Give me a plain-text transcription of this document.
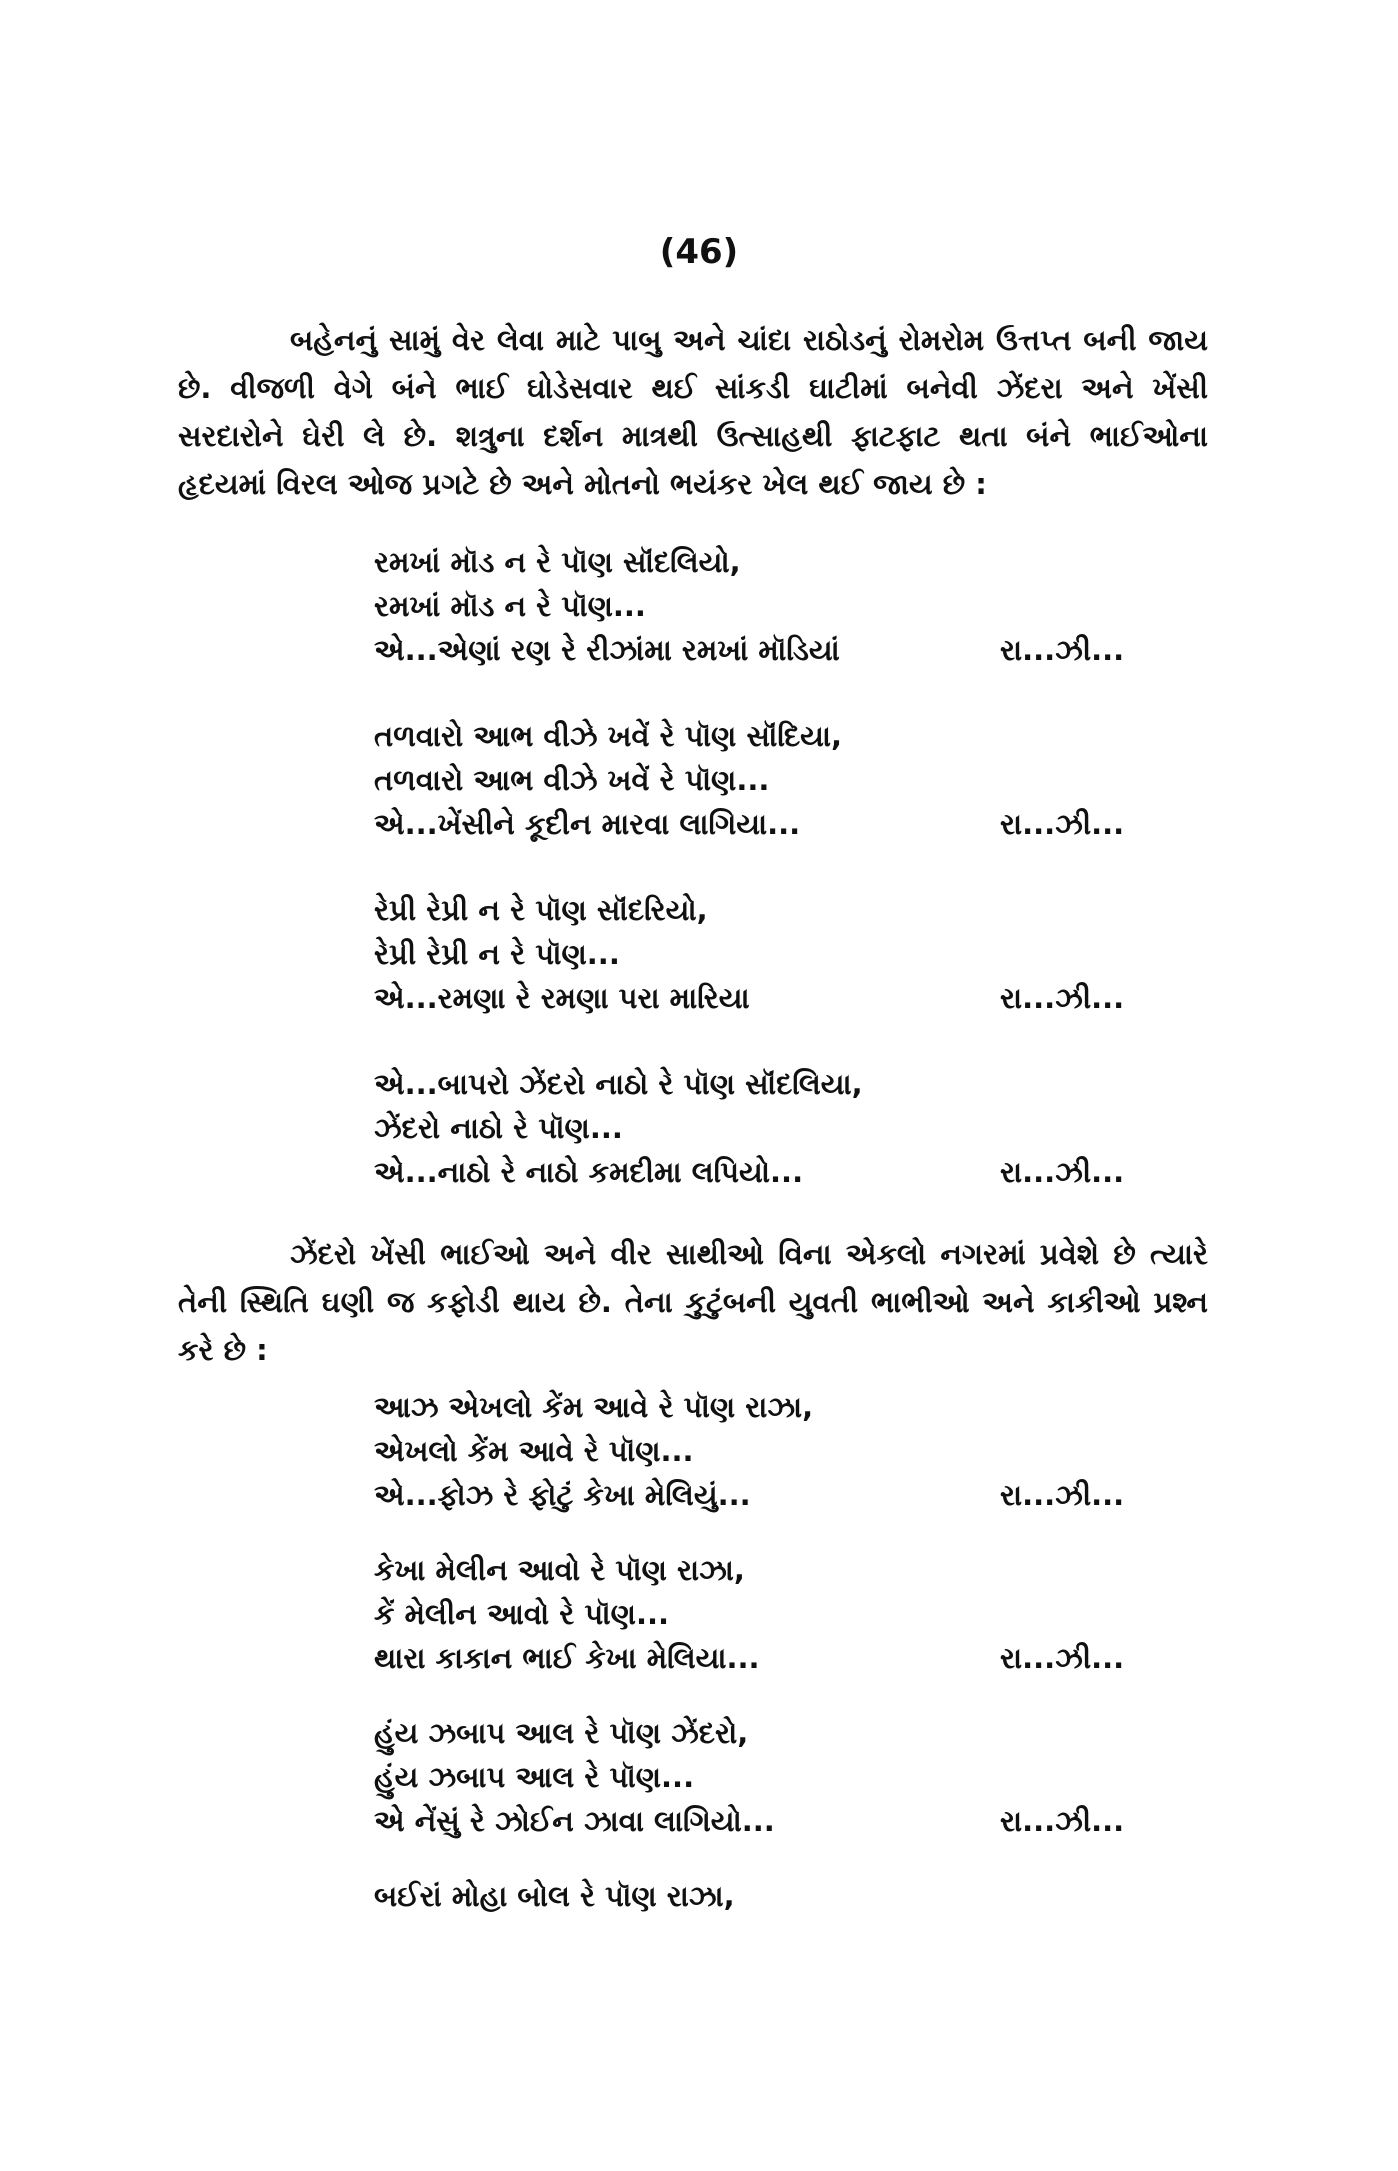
(46)
બહેનનું સામું વેર લેવા માટે પાબુ અને ચાંદા રાઠોડનું રોમરોમ ઉત્તપ્ત બની જાય છે. વીજળી વેગે બંને ભાઈ ઘોડેસવાર થઈ સાંકડી ઘાટીમાં બનેવી ઝેંદરા અને ખેંસી સરદારોને ઘેરી લે છે. શત્રુના દર્શન માત્રથી ઉત્સાહથી ફાટફાટ થતા બંને ભાઈઓના હૃદયમાં વિરલ ઓજ પ્રગટે છે અને મોતનો ભયંકર ખેલ થઈ જાય છે :
રમખાં મૉડ ન રે પૉણ સૉંદલિયો,
રમખાં મૉડ ન રે પૉણ...
એ...એણાં રણ રે રીઝાંમા રમખાં મૉડિયાં	રા...ઝી...
તળવારો આભ વીઝે ખવેં રે પૉણ સૉંદિયા,
તળવારો આભ વીઝે ખવેં રે પૉણ...
એ...ખેંસીને કૂદીન મારવા લાગિયા...	રા...ઝી...
રેપ્રી રેપ્રી ન રે પૉણ સૉંદરિયો,
રેપ્રી રેપ્રી ન રે પૉણ...
એ...રમણા રે રમણા પરા મારિયા	રા...ઝી...
એ...બાપરો ઝેંદરો નાઠો રે પૉણ સૉંદલિયા,
ઝેંદરો નાઠો રે પૉણ...
એ...નાઠો રે નાઠો કમદીમા લપિયો...	રા...ઝી...
ઝેંદરો ખેંસી ભાઈઓ અને વીર સાથીઓ વિના એકલો નગરમાં પ્રવેશે છે ત્યારે તેની સ્થિતિ ઘણી જ કફોડી થાય છે. તેના કુટુંબની યુવતી ભાભીઓ અને કાકીઓ પ્રશ્ન કરે છે :
આઝ એખલો કેંમ આવે રે પૉણ રાઝા,
એખલો કેંમ આવે રે પૉણ...
એ...ફોઝ રે ફોટું કેખા મેલિયું...	રા...ઝી...
કેખા મેલીન આવો રે પૉણ રાઝા,
કેં મેલીન આવો રે પૉણ...
થારા કાકાન ભાઈ કેખા મેલિયા...	રા...ઝી...
હુંય ઝબાપ આલ રે પૉણ ઝેંદરો,
હુંય ઝબાપ આલ રે પૉણ...
એ નેંસું રે ઝોઈન ઝાવા લાગિયો...	રા...ઝી...
બઈરાં મોહા બોલ રે પૉણ રાઝા,
